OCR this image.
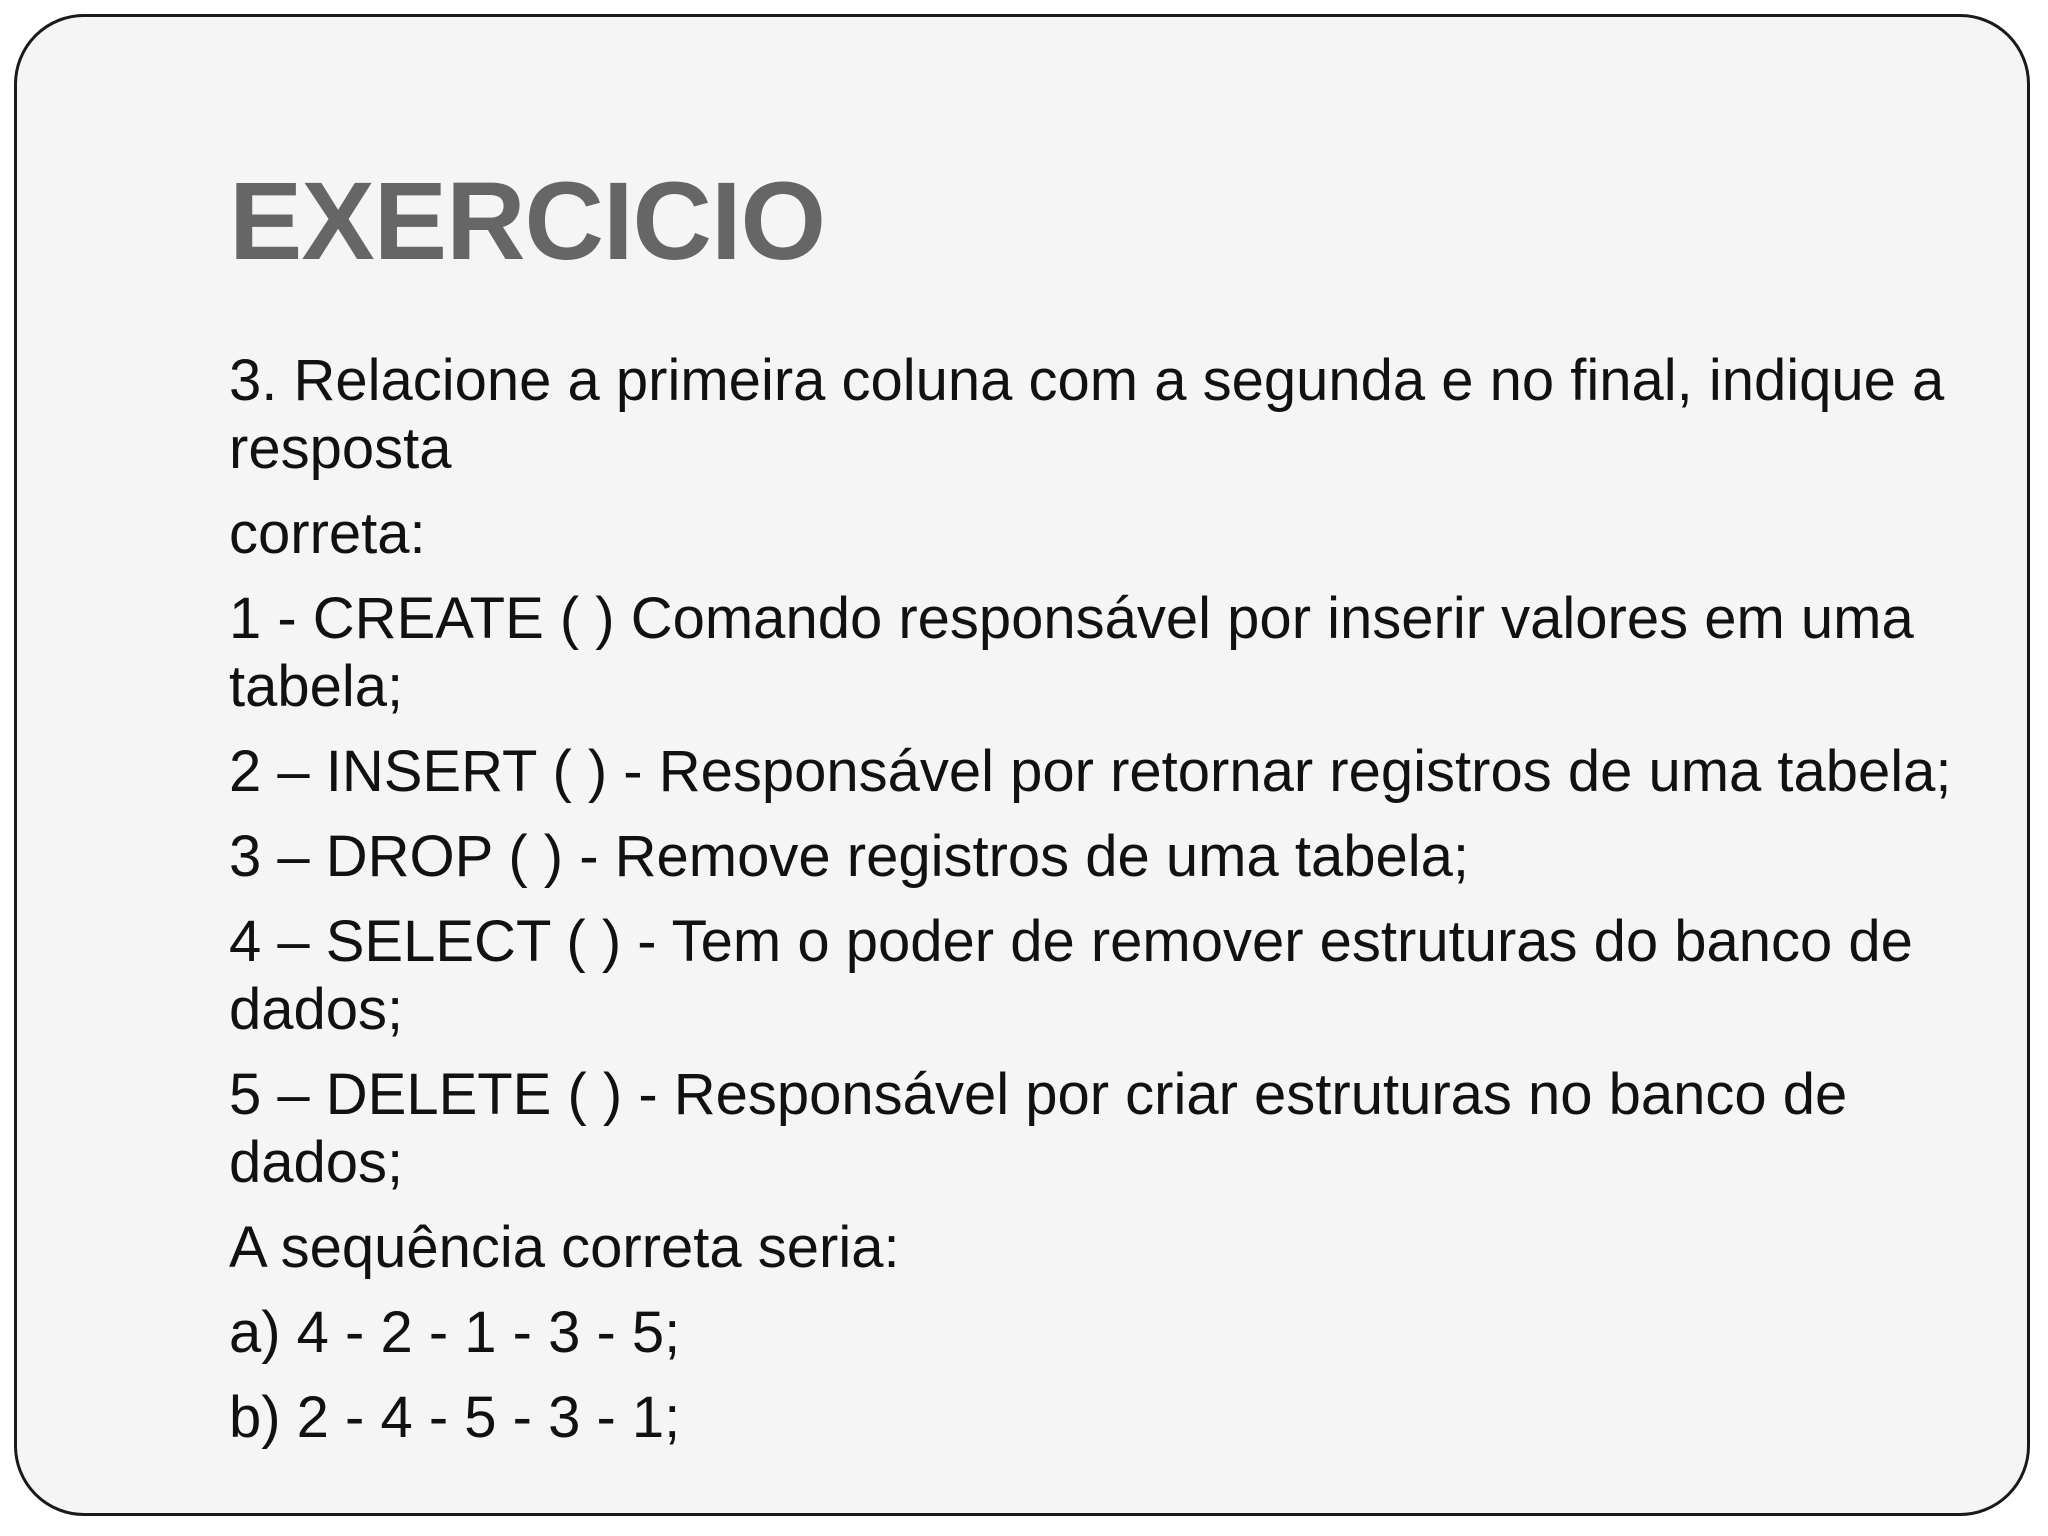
EXERCICIO

3. Relacione a primeira coluna com a segunda e no final, indique a resposta

correta:

1 - CREATE ( ) Comando responsável por inserir valores em uma tabela;

2 – INSERT ( ) - Responsável por retornar registros de uma tabela;

3 – DROP ( ) - Remove registros de uma tabela;

4 – SELECT ( ) - Tem o poder de remover estruturas do banco de dados;

5 – DELETE ( ) - Responsável por criar estruturas no banco de dados;

A sequência correta seria:

a) 4 - 2 - 1 - 3 - 5;

b) 2 - 4 - 5 - 3 - 1;
